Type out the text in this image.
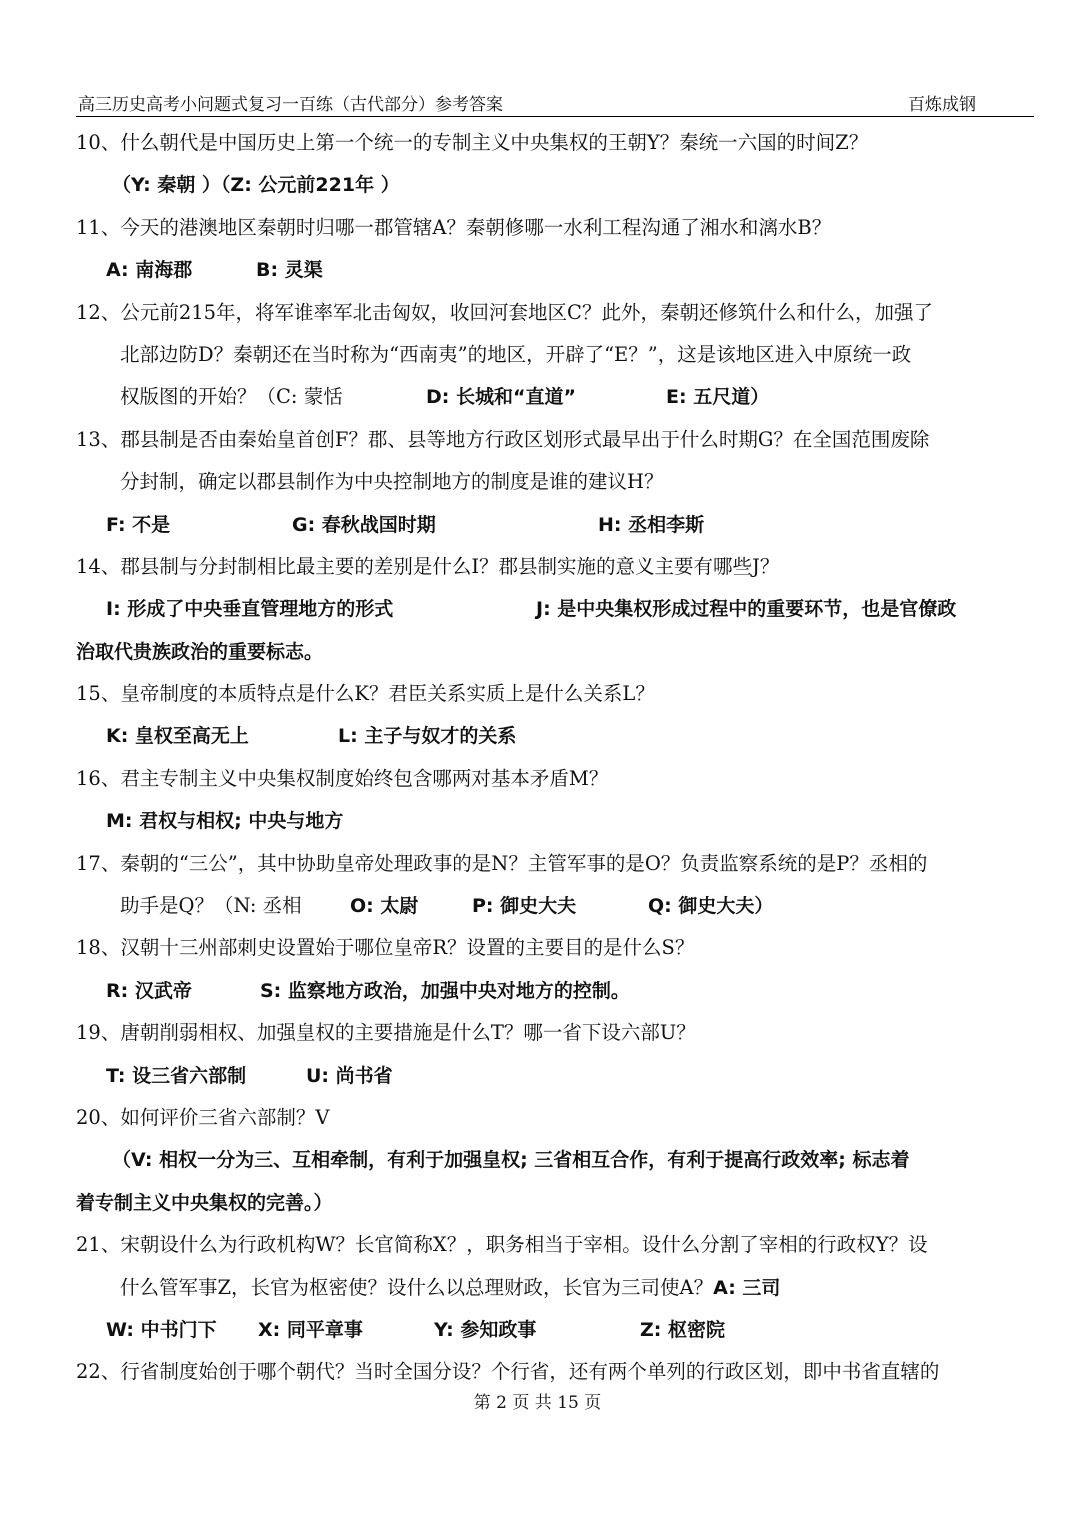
高三历史高考小问题式复习一百练（古代部分）参考答案	百炼成钢
10、什么朝代是中国历史上第一个统一的专制主义中央集权的王朝Y？秦统一六国的时间Z？
（Y: 秦朝 ）（Z: 公元前221年 ）
11、今天的港澳地区秦朝时归哪一郡管辖A？秦朝修哪一水利工程沟通了湘水和漓水B？
A: 南海郡	B: 灵渠
12、公元前215年，将军谁率军北击匈奴，收回河套地区C？此外，秦朝还修筑什么和什么，加强了
北部边防D？秦朝还在当时称为“西南夷”的地区，开辟了“E？”，这是该地区进入中原统一政
权版图的开始？（C: 蒙恬	D: 长城和“直道”	E: 五尺道）
13、郡县制是否由秦始皇首创F？郡、县等地方行政区划形式最早出于什么时期G？在全国范围废除
分封制，确定以郡县制作为中央控制地方的制度是谁的建议H？
F: 不是	G: 春秋战国时期	H: 丞相李斯
14、郡县制与分封制相比最主要的差别是什么I？郡县制实施的意义主要有哪些J？
I: 形成了中央垂直管理地方的形式	J: 是中央集权形成过程中的重要环节，也是官僚政
治取代贵族政治的重要标志。
15、皇帝制度的本质特点是什么K？君臣关系实质上是什么关系L？
K: 皇权至高无上	L: 主子与奴才的关系
16、君主专制主义中央集权制度始终包含哪两对基本矛盾M？
M: 君权与相权; 中央与地方
17、秦朝的“三公”，其中协助皇帝处理政事的是N？主管军事的是O？负责监察系统的是P？丞相的
助手是Q？（N: 丞相	O: 太尉	P: 御史大夫	Q: 御史大夫）
18、汉朝十三州部刺史设置始于哪位皇帝R？设置的主要目的是什么S？
R: 汉武帝	S: 监察地方政治，加强中央对地方的控制。
19、唐朝削弱相权、加强皇权的主要措施是什么T？哪一省下设六部U？
T: 设三省六部制	U: 尚书省
20、如何评价三省六部制？V
（V: 相权一分为三、互相牵制，有利于加强皇权; 三省相互合作，有利于提高行政效率; 标志着
着专制主义中央集权的完善。）
21、宋朝设什么为行政机构W？长官简称X？，职务相当于宰相。设什么分割了宰相的行政权Y？设
什么管军事Z，长官为枢密使？设什么以总理财政，长官为三司使A？A: 三司
W: 中书门下 X: 同平章事	Y: 参知政事	Z: 枢密院
22、行省制度始创于哪个朝代？当时全国分设？个行省，还有两个单列的行政区划，即中书省直辖的
第 2 页 共 15 页
